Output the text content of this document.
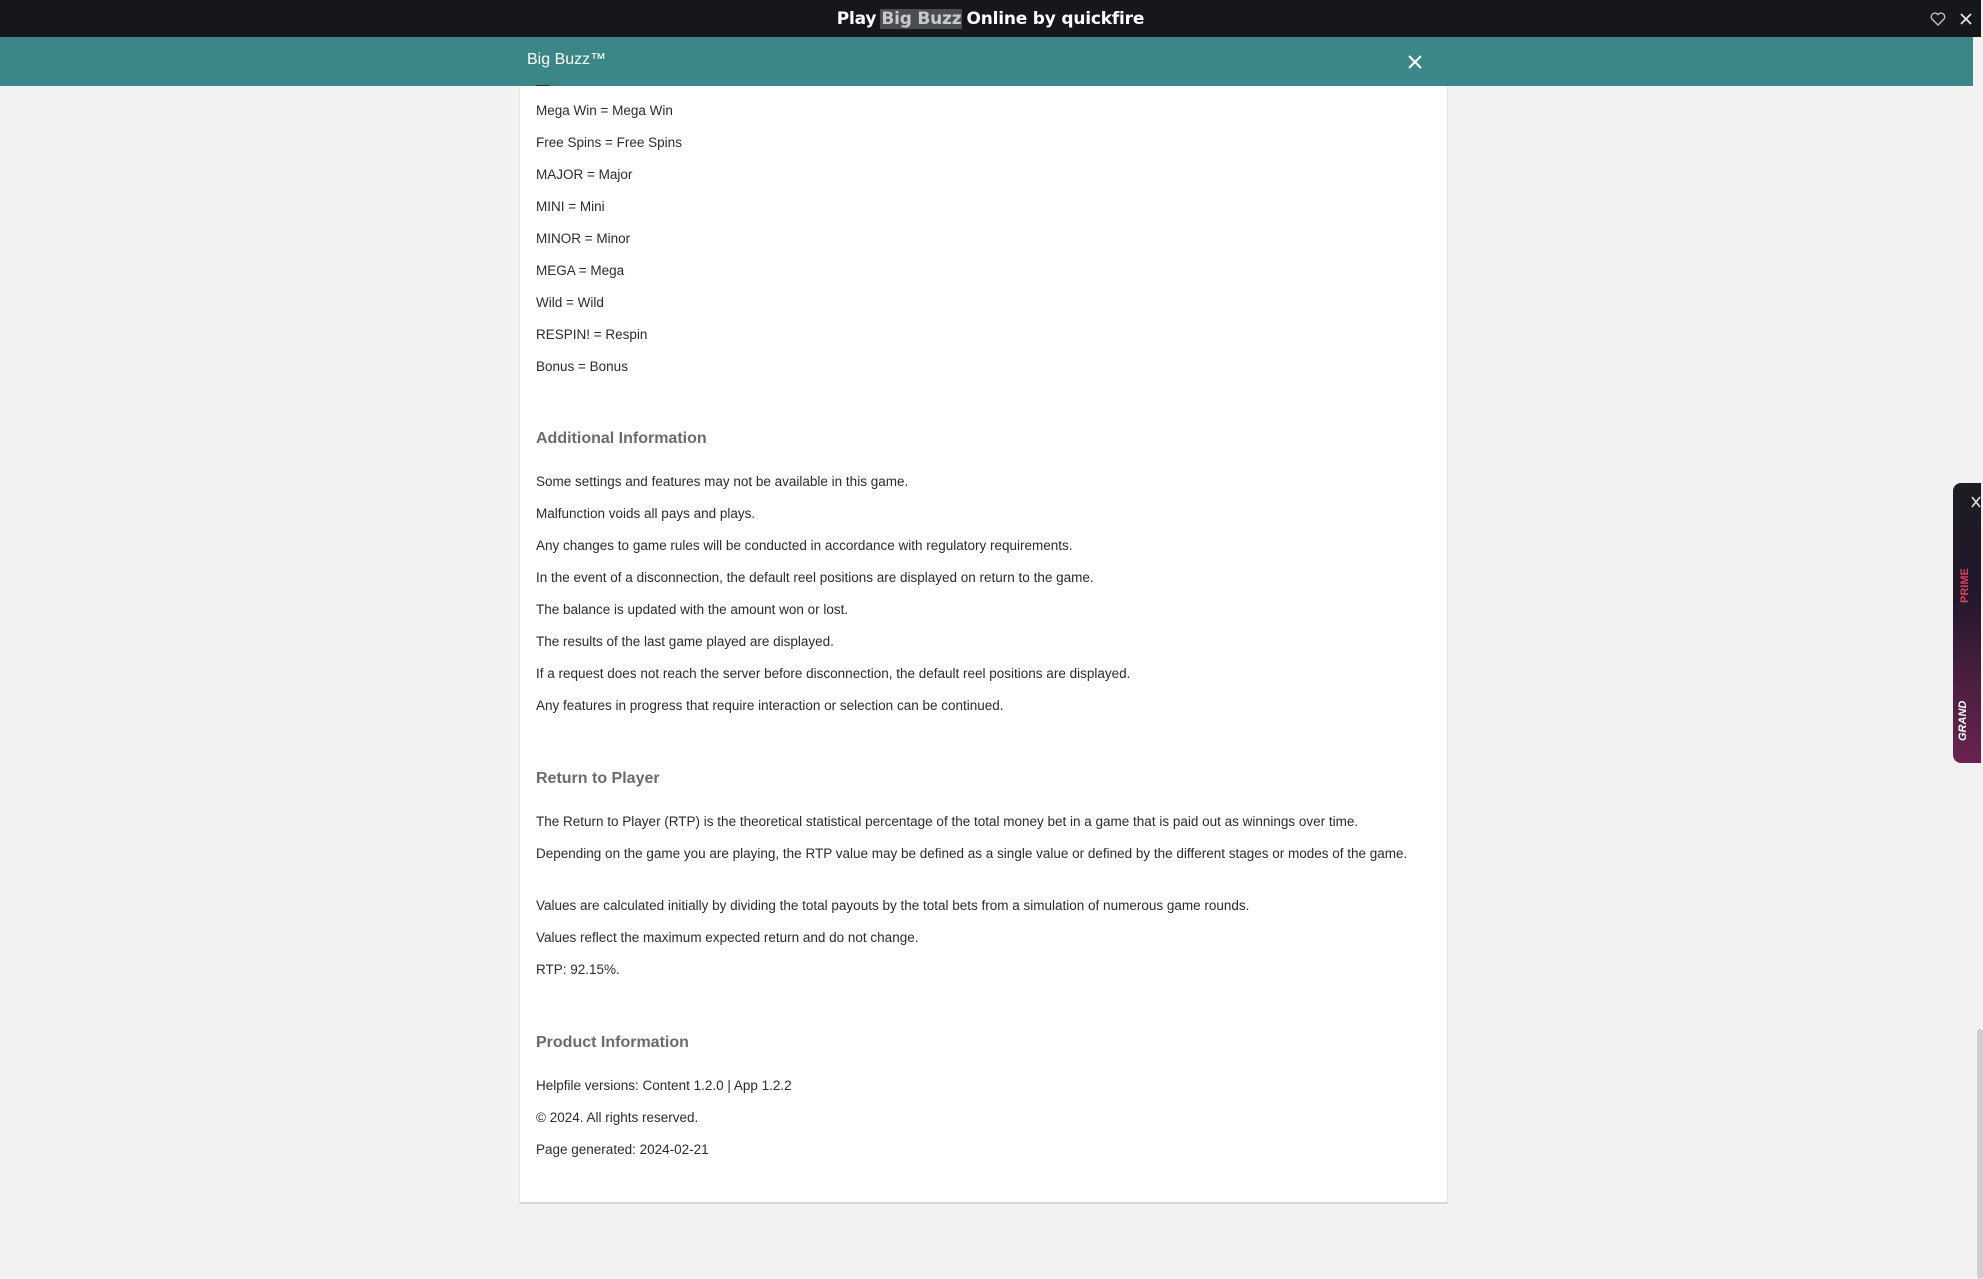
Play Big Buzz Online by quickfire
Big Buzz™
—
Mega Win = Mega Win
Free Spins = Free Spins
MAJOR = Major
MINI = Mini
MINOR = Minor
MEGA = Mega
Wild = Wild
RESPIN! = Respin
Bonus = Bonus
Additional Information
Some settings and features may not be available in this game.
Malfunction voids all pays and plays.
Any changes to game rules will be conducted in accordance with regulatory requirements.
In the event of a disconnection, the default reel positions are displayed on return to the game.
The balance is updated with the amount won or lost.
The results of the last game played are displayed.
If a request does not reach the server before disconnection, the default reel positions are displayed.
Any features in progress that require interaction or selection can be continued.
Return to Player
The Return to Player (RTP) is the theoretical statistical percentage of the total money bet in a game that is paid out as winnings over time.
Depending on the game you are playing, the RTP value may be defined as a single value or defined by the different stages or modes of the game.
Values are calculated initially by dividing the total payouts by the total bets from a simulation of numerous game rounds.
Values reflect the maximum expected return and do not change.
RTP: 92.15%.
Product Information
Helpfile versions: Content 1.2.0 | App 1.2.2
© 2024. All rights reserved.
Page generated: 2024-02-21
PRIME
GRAND
